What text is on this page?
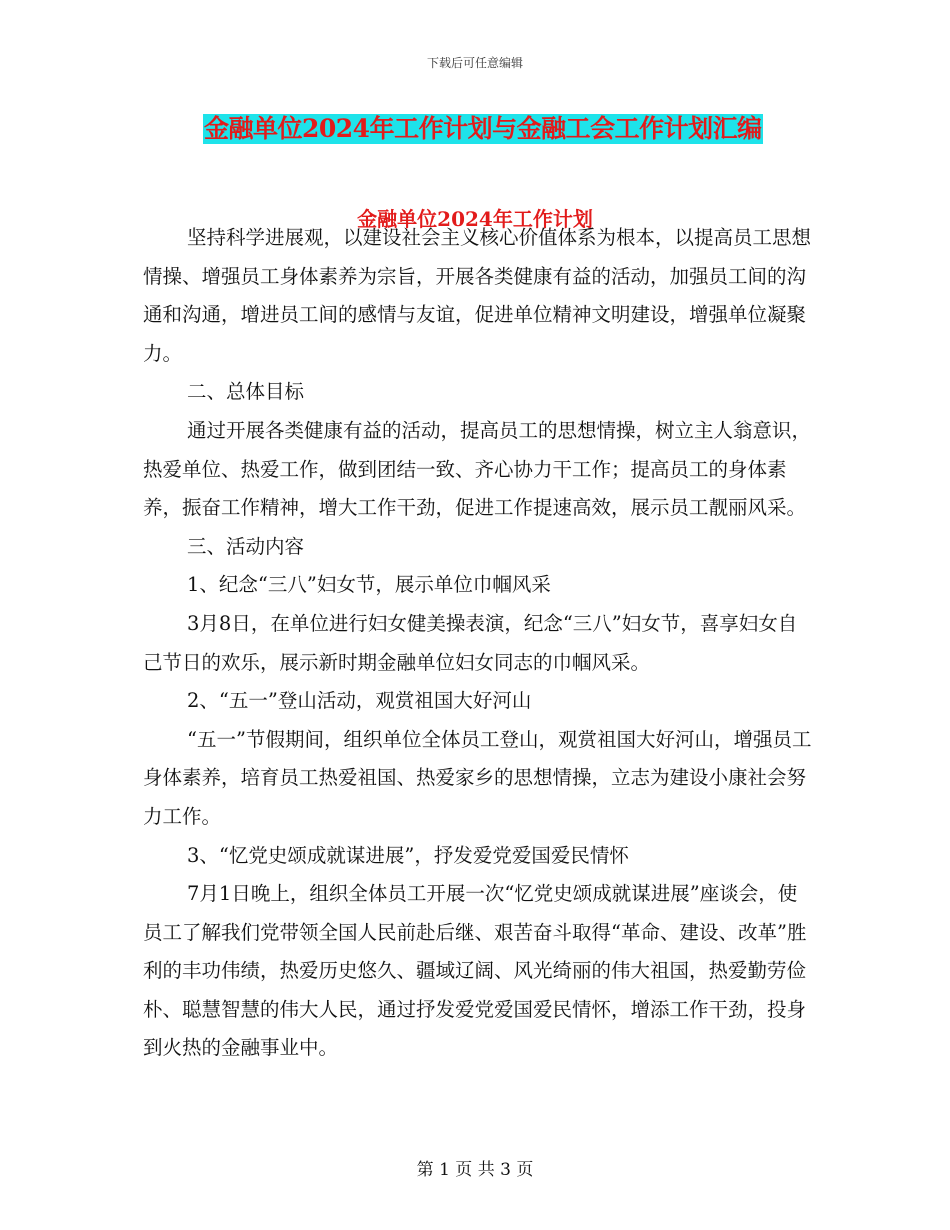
下载后可任意编辑
金融单位2024年工作计划与金融工会工作计划汇编
金融单位2024年工作计划

坚持科学进展观，以建设社会主义核心价值体系为根本，以提高员工思想情操、增强员工身体素养为宗旨，开展各类健康有益的活动，加强员工间的沟通和沟通，增进员工间的感情与友谊，促进单位精神文明建设，增强单位凝聚力。

二、总体目标

通过开展各类健康有益的活动，提高员工的思想情操，树立主人翁意识，热爱单位、热爱工作，做到团结一致、齐心协力干工作；提高员工的身体素养，振奋工作精神，增大工作干劲，促进工作提速高效，展示员工靓丽风采。

三、活动内容

1、纪念“三八”妇女节，展示单位巾帼风采

3月8日，在单位进行妇女健美操表演，纪念“三八”妇女节，喜享妇女自己节日的欢乐，展示新时期金融单位妇女同志的巾帼风采。

2、“五一”登山活动，观赏祖国大好河山

“五一”节假期间，组织单位全体员工登山，观赏祖国大好河山，增强员工身体素养，培育员工热爱祖国、热爱家乡的思想情操，立志为建设小康社会努力工作。

3、“忆党史颂成就谋进展”，抒发爱党爱国爱民情怀

7月1日晚上，组织全体员工开展一次“忆党史颂成就谋进展”座谈会，使员工了解我们党带领全国人民前赴后继、艰苦奋斗取得“革命、建设、改革”胜利的丰功伟绩，热爱历史悠久、疆域辽阔、风光绮丽的伟大祖国，热爱勤劳俭朴、聪慧智慧的伟大人民，通过抒发爱党爱国爱民情怀，增添工作干劲，投身到火热的金融事业中。

第 1 页 共 3 页
